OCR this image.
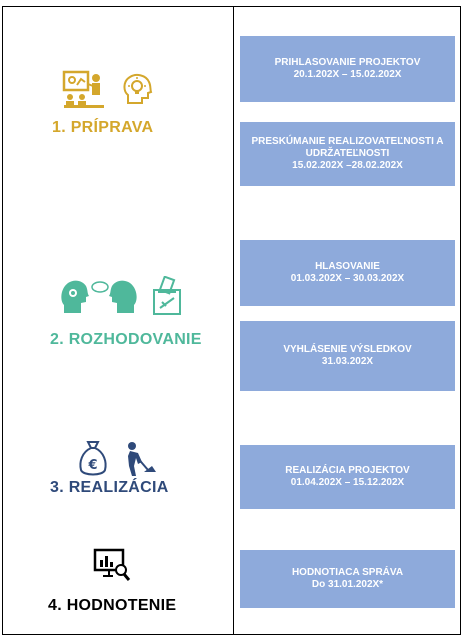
1. PRÍPRAVA
2. ROZHODOVANIE
€
3. REALIZÁCIA
4. HODNOTENIE
PRIHLASOVANIE PROJEKTOV
20.1.202X – 15.02.202X
PRESKÚMANIE REALIZOVATEĽNOSTI A UDRŽATEĽNOSTI
15.02.202X –28.02.202X
HLASOVANIE
01.03.202X – 30.03.202X
VYHLÁSENIE VÝSLEDKOV
31.03.202X
REALIZÁCIA PROJEKTOV
01.04.202X – 15.12.202X
HODNOTIACA SPRÁVA
Do 31.01.202X*
